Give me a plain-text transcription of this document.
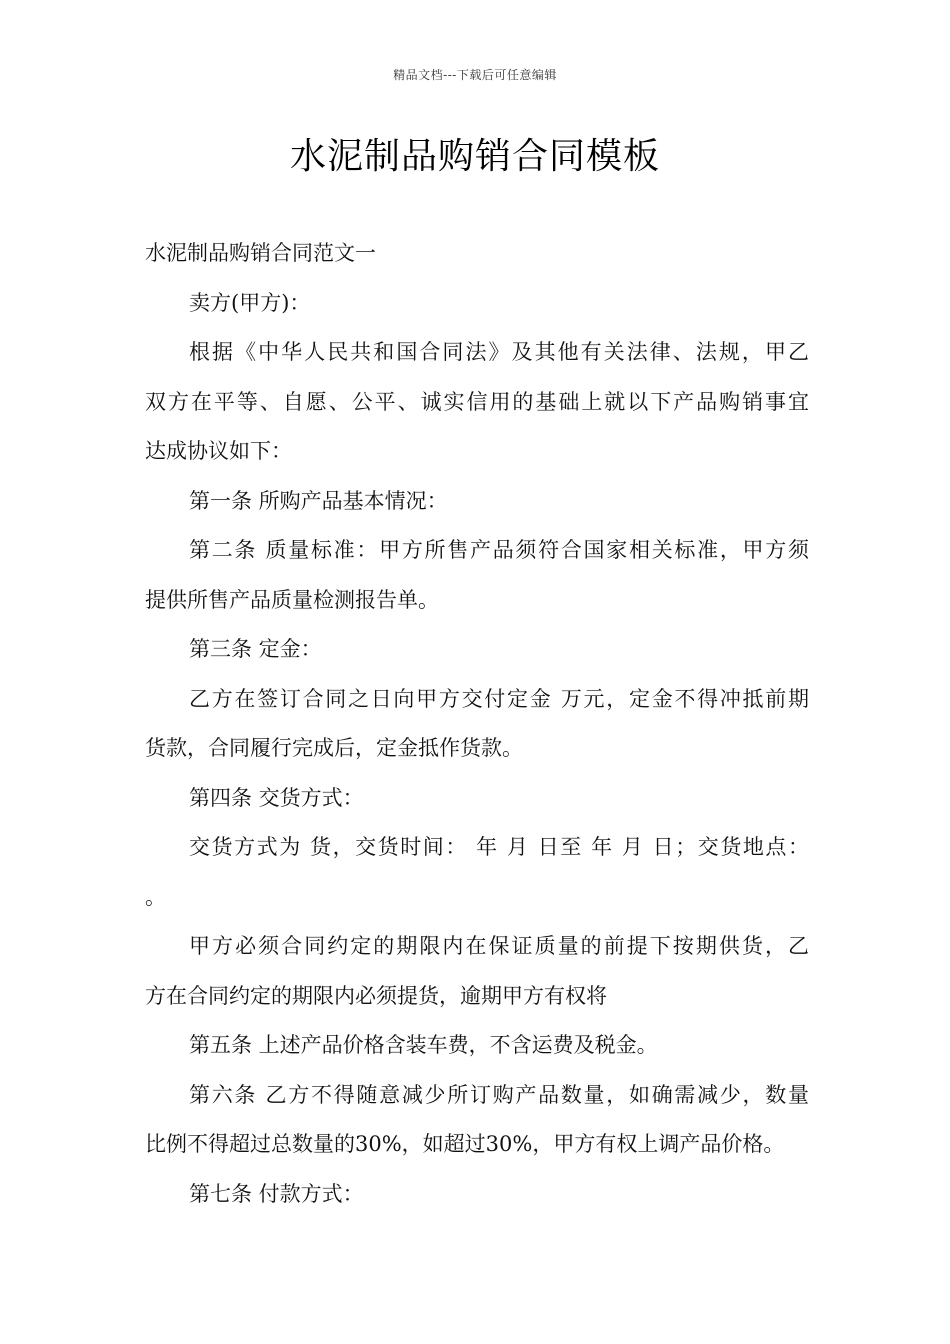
精品文档---下载后可任意编辑
水泥制品购销合同模板
水泥制品购销合同范文一
卖方(甲方)：
根据《中华人民共和国合同法》及其他有关法律、法规，甲乙
双方在平等、自愿、公平、诚实信用的基础上就以下产品购销事宜
达成协议如下：
第一条 所购产品基本情况：
第二条 质量标准：甲方所售产品须符合国家相关标准，甲方须
提供所售产品质量检测报告单。
第三条 定金：
乙方在签订合同之日向甲方交付定金 万元，定金不得冲抵前期
货款，合同履行完成后，定金抵作货款。
第四条 交货方式：
交货方式为 货，交货时间： 年 月 日至 年 月 日；交货地点：
。
甲方必须合同约定的期限内在保证质量的前提下按期供货，乙
方在合同约定的期限内必须提货，逾期甲方有权将
第五条 上述产品价格含装车费，不含运费及税金。
第六条 乙方不得随意减少所订购产品数量，如确需减少，数量
比例不得超过总数量的30%，如超过30%，甲方有权上调产品价格。
第七条 付款方式：
